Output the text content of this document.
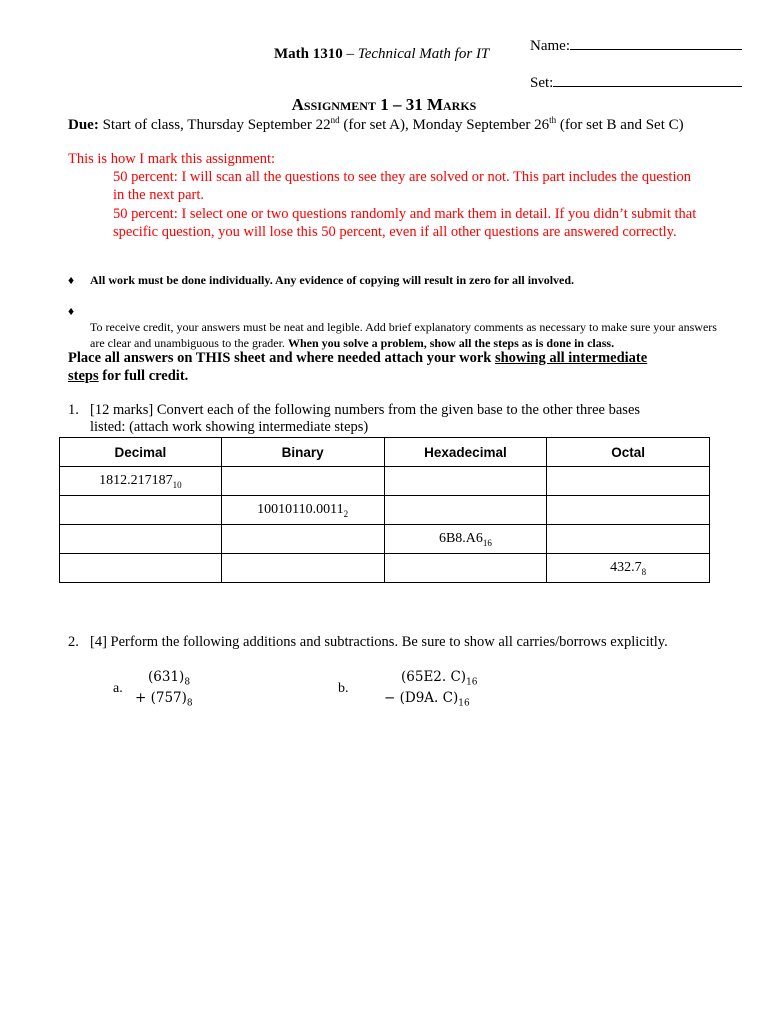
Math 1310 – Technical Math for IT	Name:
Set:
Assignment 1 – 31 Marks
Due: Start of class, Thursday September 22nd (for set A), Monday September 26th (for set B and Set C)
This is how I mark this assignment:
50 percent: I will scan all the questions to see they are solved or not. This part includes the question in the next part.
50 percent: I select one or two questions randomly and mark them in detail. If you didn’t submit that specific question, you will lose this 50 percent, even if all other questions are answered correctly.
♦ All work must be done individually. Any evidence of copying will result in zero for all involved.
♦
To receive credit, your answers must be neat and legible. Add brief explanatory comments as necessary to make sure your answers are clear and unambiguous to the grader. When you solve a problem, show all the steps as is done in class.
Place all answers on THIS sheet and where needed attach your work showing all intermediate
steps for full credit.
1. [12 marks] Convert each of the following numbers from the given base to the other three bases
listed: (attach work showing intermediate steps)
Decimal	Binary	Hexadecimal	Octal
$1812.217187_{10}$			
	$10010110.0011_2$		
		$6B8.A6_{16}$	
			$432.7_8$
2. [4] Perform the following additions and subtractions. Be sure to show all carries/borrows explicitly.
a.
$(631)_8$
+ $(757)_8$
b.
(65E2. $C)_{16}$
− (D9A. $C)_{16}$
